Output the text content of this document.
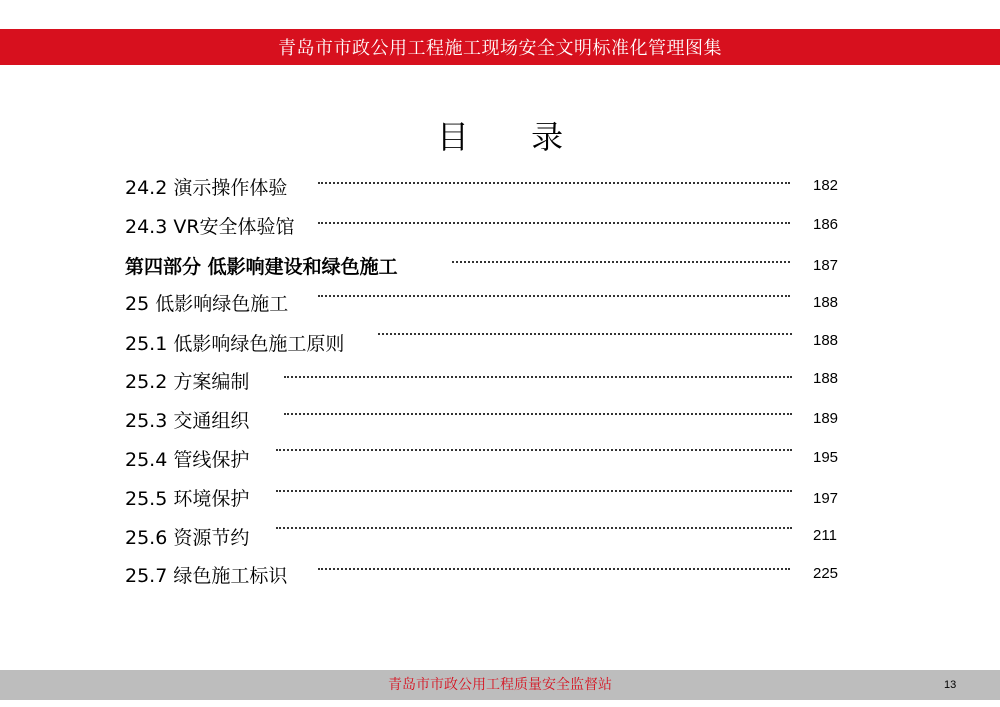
青岛市市政公用工程施工现场安全文明标准化管理图集
目 录
24.2 演示操作体验	182
24.3 VR安全体验馆	186
第四部分 低影响建设和绿色施工	187
25 低影响绿色施工	188
25.1 低影响绿色施工原则	188
25.2 方案编制	188
25.3 交通组织	189
25.4 管线保护	195
25.5 环境保护	197
25.6 资源节约	211
25.7 绿色施工标识	225
青岛市市政公用工程质量安全监督站	13
